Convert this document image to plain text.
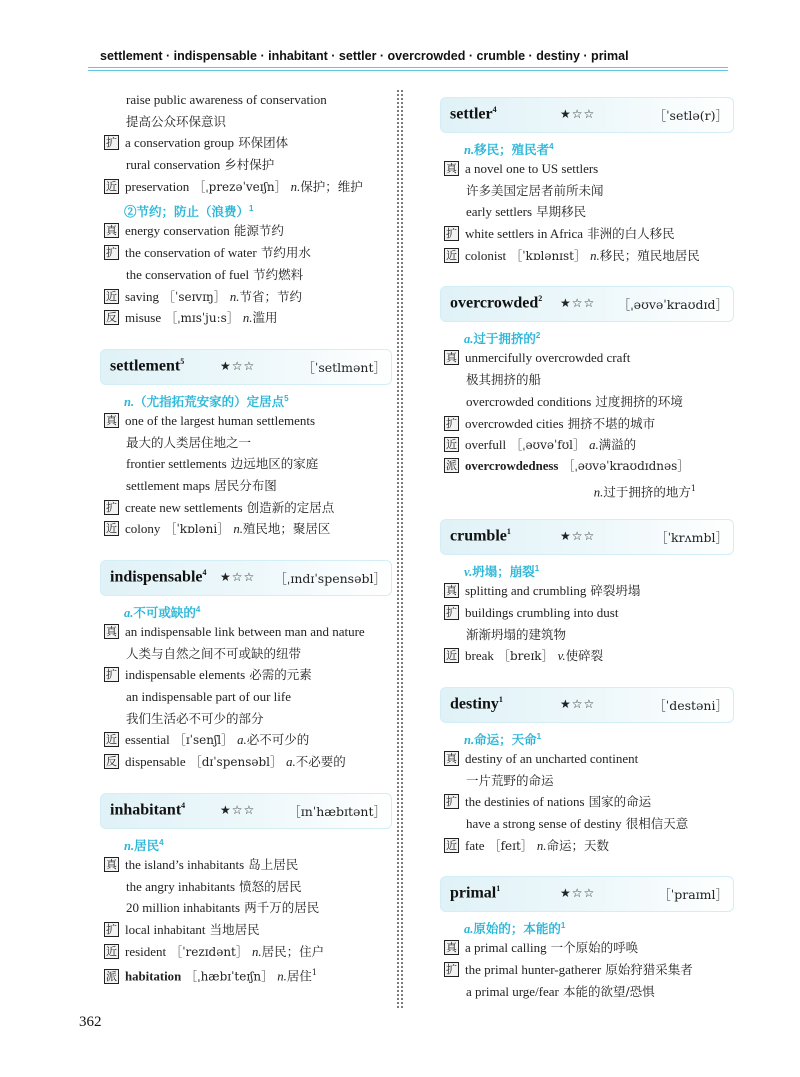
settlement · indispensable · inhabitant · settler · overcrowded · crumble · destiny · primal
raise public awareness of conservation
提高公众环保意识
扩 a conservation group 环保团体
rural conservation 乡村保护
近 preservation ［ˌprezəˈveɪʃn］ n.保护；维护
②节约；防止（浪费）$^1$
真 energy conservation 能源节约
扩 the conservation of water 节约用水
the conservation of fuel 节约燃料
近 saving ［ˈseɪvɪŋ］ n.节省；节约
反 misuse ［ˌmɪsˈjuːs］ n.滥用
settlement$^5$	★☆☆	［ˈsetlmənt］
n.（尤指拓荒安家的）定居点$^5$
真 one of the largest human settlements
最大的人类居住地之一
frontier settlements 边远地区的家庭
settlement maps 居民分布图
扩 create new settlements 创造新的定居点
近 colony ［ˈkɒləni］ n.殖民地；聚居区
indispensable$^4$ ★☆☆ ［ˌɪndɪˈspensəbl］
a.不可或缺的$^4$
真 an indispensable link between man and nature
人类与自然之间不可或缺的纽带
扩 indispensable elements 必需的元素
an indispensable part of our life
我们生活必不可少的部分
近 essential ［ɪˈsenʃl］ a.必不可少的
反 dispensable ［dɪˈspensəbl］ a.不必要的
inhabitant$^4$	★☆☆	［ɪnˈhæbɪtənt］
n.居民$^4$
真 the island’s inhabitants 岛上居民
the angry inhabitants 愤怒的居民
20 million inhabitants 两千万的居民
扩 local inhabitant 当地居民
近 resident ［ˈrezɪdənt］ n.居民；住户
派 habitation ［ˌhæbɪˈteɪʃn］ n.居住$^1$
settler$^4$	★☆☆	［ˈsetlə(r)］
n.移民；殖民者$^4$
真 a novel one to US settlers
许多美国定居者前所未闻
early settlers 早期移民
扩 white settlers in Africa 非洲的白人移民
近 colonist ［ˈkɒlənɪst］ n.移民；殖民地居民
overcrowded$^2$ ★☆☆ ［ˌəʊvəˈkraʊdɪd］
a.过于拥挤的$^2$
真 unmercifully overcrowded craft
极其拥挤的船
overcrowded conditions 过度拥挤的环境
扩 overcrowded cities 拥挤不堪的城市
近 overfull ［ˌəʊvəˈfʊl］ a.满溢的
派 overcrowdedness ［ˌəʊvəˈkraʊdɪdnəs］
n.过于拥挤的地方$^1$
crumble$^1$	★☆☆	［ˈkrʌmbl］
v.坍塌；崩裂$^1$
真 splitting and crumbling 碎裂坍塌
扩 buildings crumbling into dust
渐渐坍塌的建筑物
近 break ［breɪk］ v.使碎裂
destiny$^1$	★☆☆	［ˈdestəni］
n.命运；天命$^1$
真 destiny of an uncharted continent
一片荒野的命运
扩 the destinies of nations 国家的命运
have a strong sense of destiny 很相信天意
近 fate ［feɪt］ n.命运；天数
primal$^1$	★☆☆	［ˈpraɪml］
a.原始的；本能的$^1$
真 a primal calling 一个原始的呼唤
扩 the primal hunter-gatherer 原始狩猎采集者
a primal urge/fear 本能的欲望/恐惧
362
